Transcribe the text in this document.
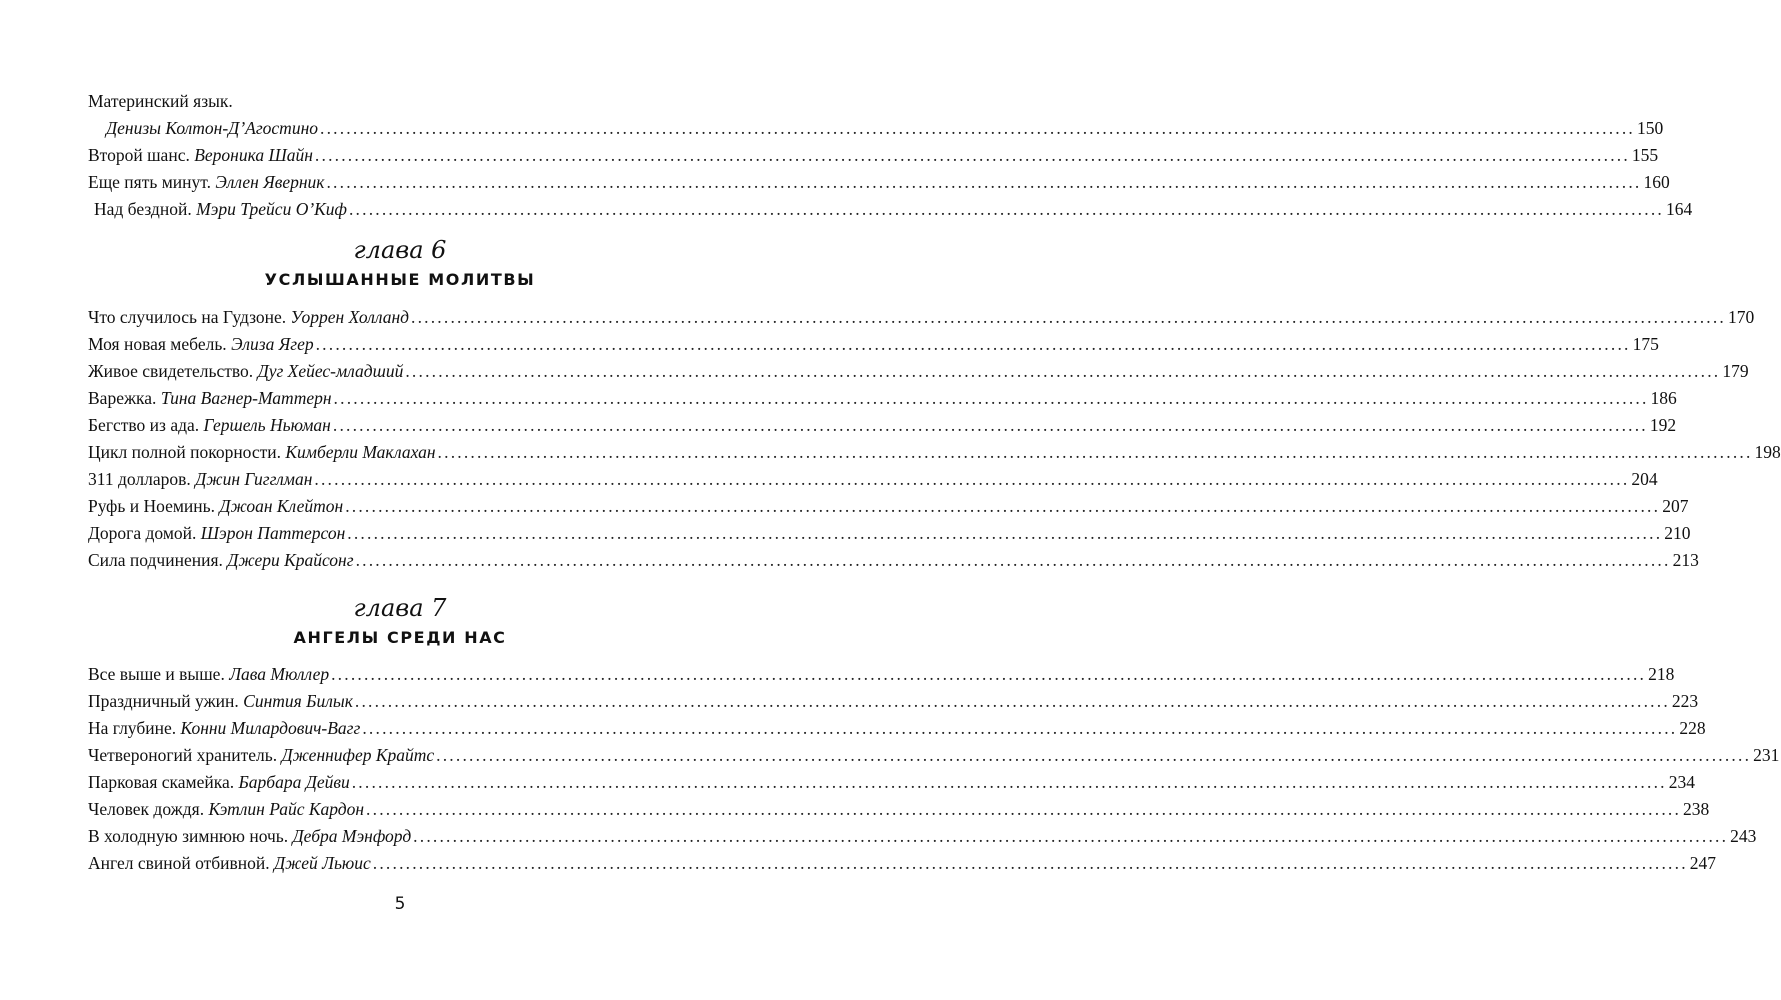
Материнский язык.
Денизы Колтон-Д’Агостино ........................................................................................................................................................................................................ 150
Второй шанс.
Вероника Шайн ........................................................................................................................................................................................................ 155
Еще пять минут.
Эллен Яверник ........................................................................................................................................................................................................ 160
Над бездной.
Мэри Трейси О’Киф ........................................................................................................................................................................................................ 164
глава 6
УСЛЫШАННЫЕ МОЛИТВЫ
Что случилось на Гудзоне.
Уоррен Холланд ........................................................................................................................................................................................................ 170
Моя новая мебель.
Элиза Ягер ........................................................................................................................................................................................................ 175
Живое свидетельство.
Дуг Хейес-младший ........................................................................................................................................................................................................ 179
Варежка.
Тина Вагнер-Маттерн ........................................................................................................................................................................................................ 186
Бегство из ада.
Гершель Ньюман ........................................................................................................................................................................................................ 192
Цикл полной покорности.
Кимберли Маклахан ........................................................................................................................................................................................................ 198
311 долларов.
Джин Гигглман ........................................................................................................................................................................................................ 204
Руфь и Ноеминь.
Джоан Клейтон ........................................................................................................................................................................................................ 207
Дорога домой.
Шэрон Паттерсон ........................................................................................................................................................................................................ 210
Сила подчинения.
Джери Крайсонг ........................................................................................................................................................................................................ 213
глава 7
АНГЕЛЫ СРЕДИ НАС
Все выше и выше.
Лава Мюллер ........................................................................................................................................................................................................ 218
Праздничный ужин.
Синтия Билык ........................................................................................................................................................................................................ 223
На глубине.
Конни Милардович-Вагг ........................................................................................................................................................................................................ 228
Четвероногий хранитель.
Дженнифер Крайтс ........................................................................................................................................................................................................ 231
Парковая скамейка.
Барбара Дейви ........................................................................................................................................................................................................ 234
Человек дождя.
Кэтлин Райс Кардон ........................................................................................................................................................................................................ 238
В холодную зимнюю ночь.
Дебра Мэнфорд ........................................................................................................................................................................................................ 243
Ангел свиной отбивной.
Джей Льюис ........................................................................................................................................................................................................ 247
5
